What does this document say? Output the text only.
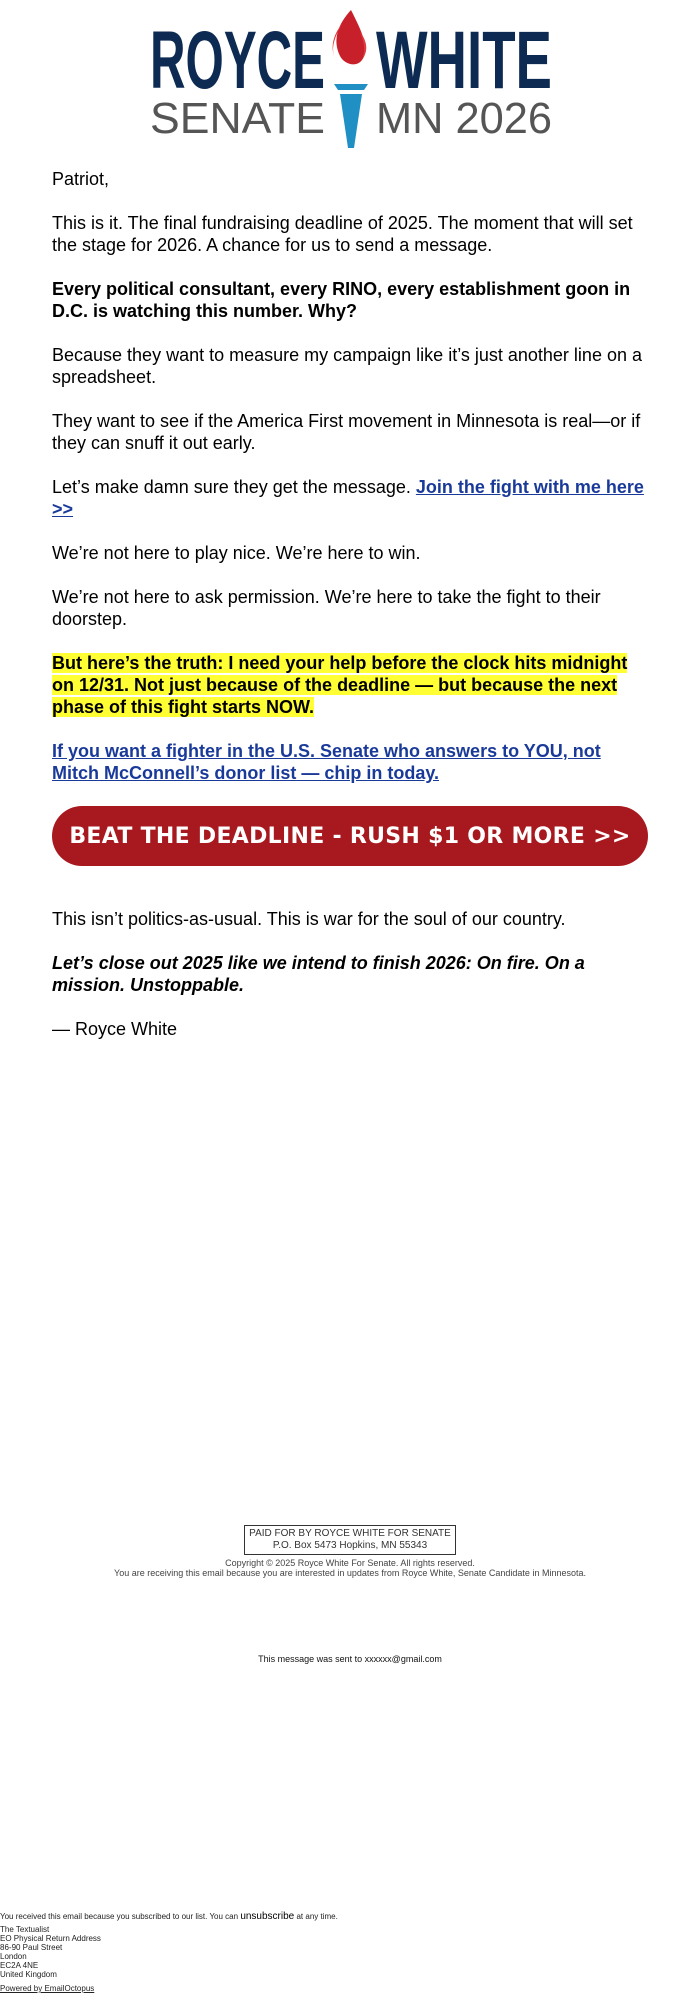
ROYCE WHITE
SENATE MN 2026

Patriot,

This is it. The final fundraising deadline of 2025. The moment that will set the stage for 2026. A chance for us to send a message.

Every political consultant, every RINO, every establishment goon in D.C. is watching this number. Why?

Because they want to measure my campaign like it’s just another line on a spreadsheet.

They want to see if the America First movement in Minnesota is real—or if they can snuff it out early.

Let’s make damn sure they get the message. Join the fight with me here >>

We’re not here to play nice. We’re here to win.

We’re not here to ask permission. We’re here to take the fight to their doorstep.

But here’s the truth: I need your help before the clock hits midnight on 12/31. Not just because of the deadline — but because the next phase of this fight starts NOW.

If you want a fighter in the U.S. Senate who answers to YOU, not Mitch McConnell’s donor list — chip in today.

BEAT THE DEADLINE - RUSH $1 OR MORE >>

This isn’t politics-as-usual. This is war for the soul of our country.

Let’s close out 2025 like we intend to finish 2026: On fire. On a mission. Unstoppable.

— Royce White

PAID FOR BY ROYCE WHITE FOR SENATE
P.O. Box 5473 Hopkins, MN 55343
Copyright © 2025 Royce White For Senate. All rights reserved.
You are receiving this email because you are interested in updates from Royce White, Senate Candidate in Minnesota.
This message was sent to xxxxxx@gmail.com
You received this email because you subscribed to our list. You can unsubscribe at any time.
The Textualist
EO Physical Return Address
86-90 Paul Street
London
EC2A 4NE
United Kingdom
Powered by EmailOctopus
